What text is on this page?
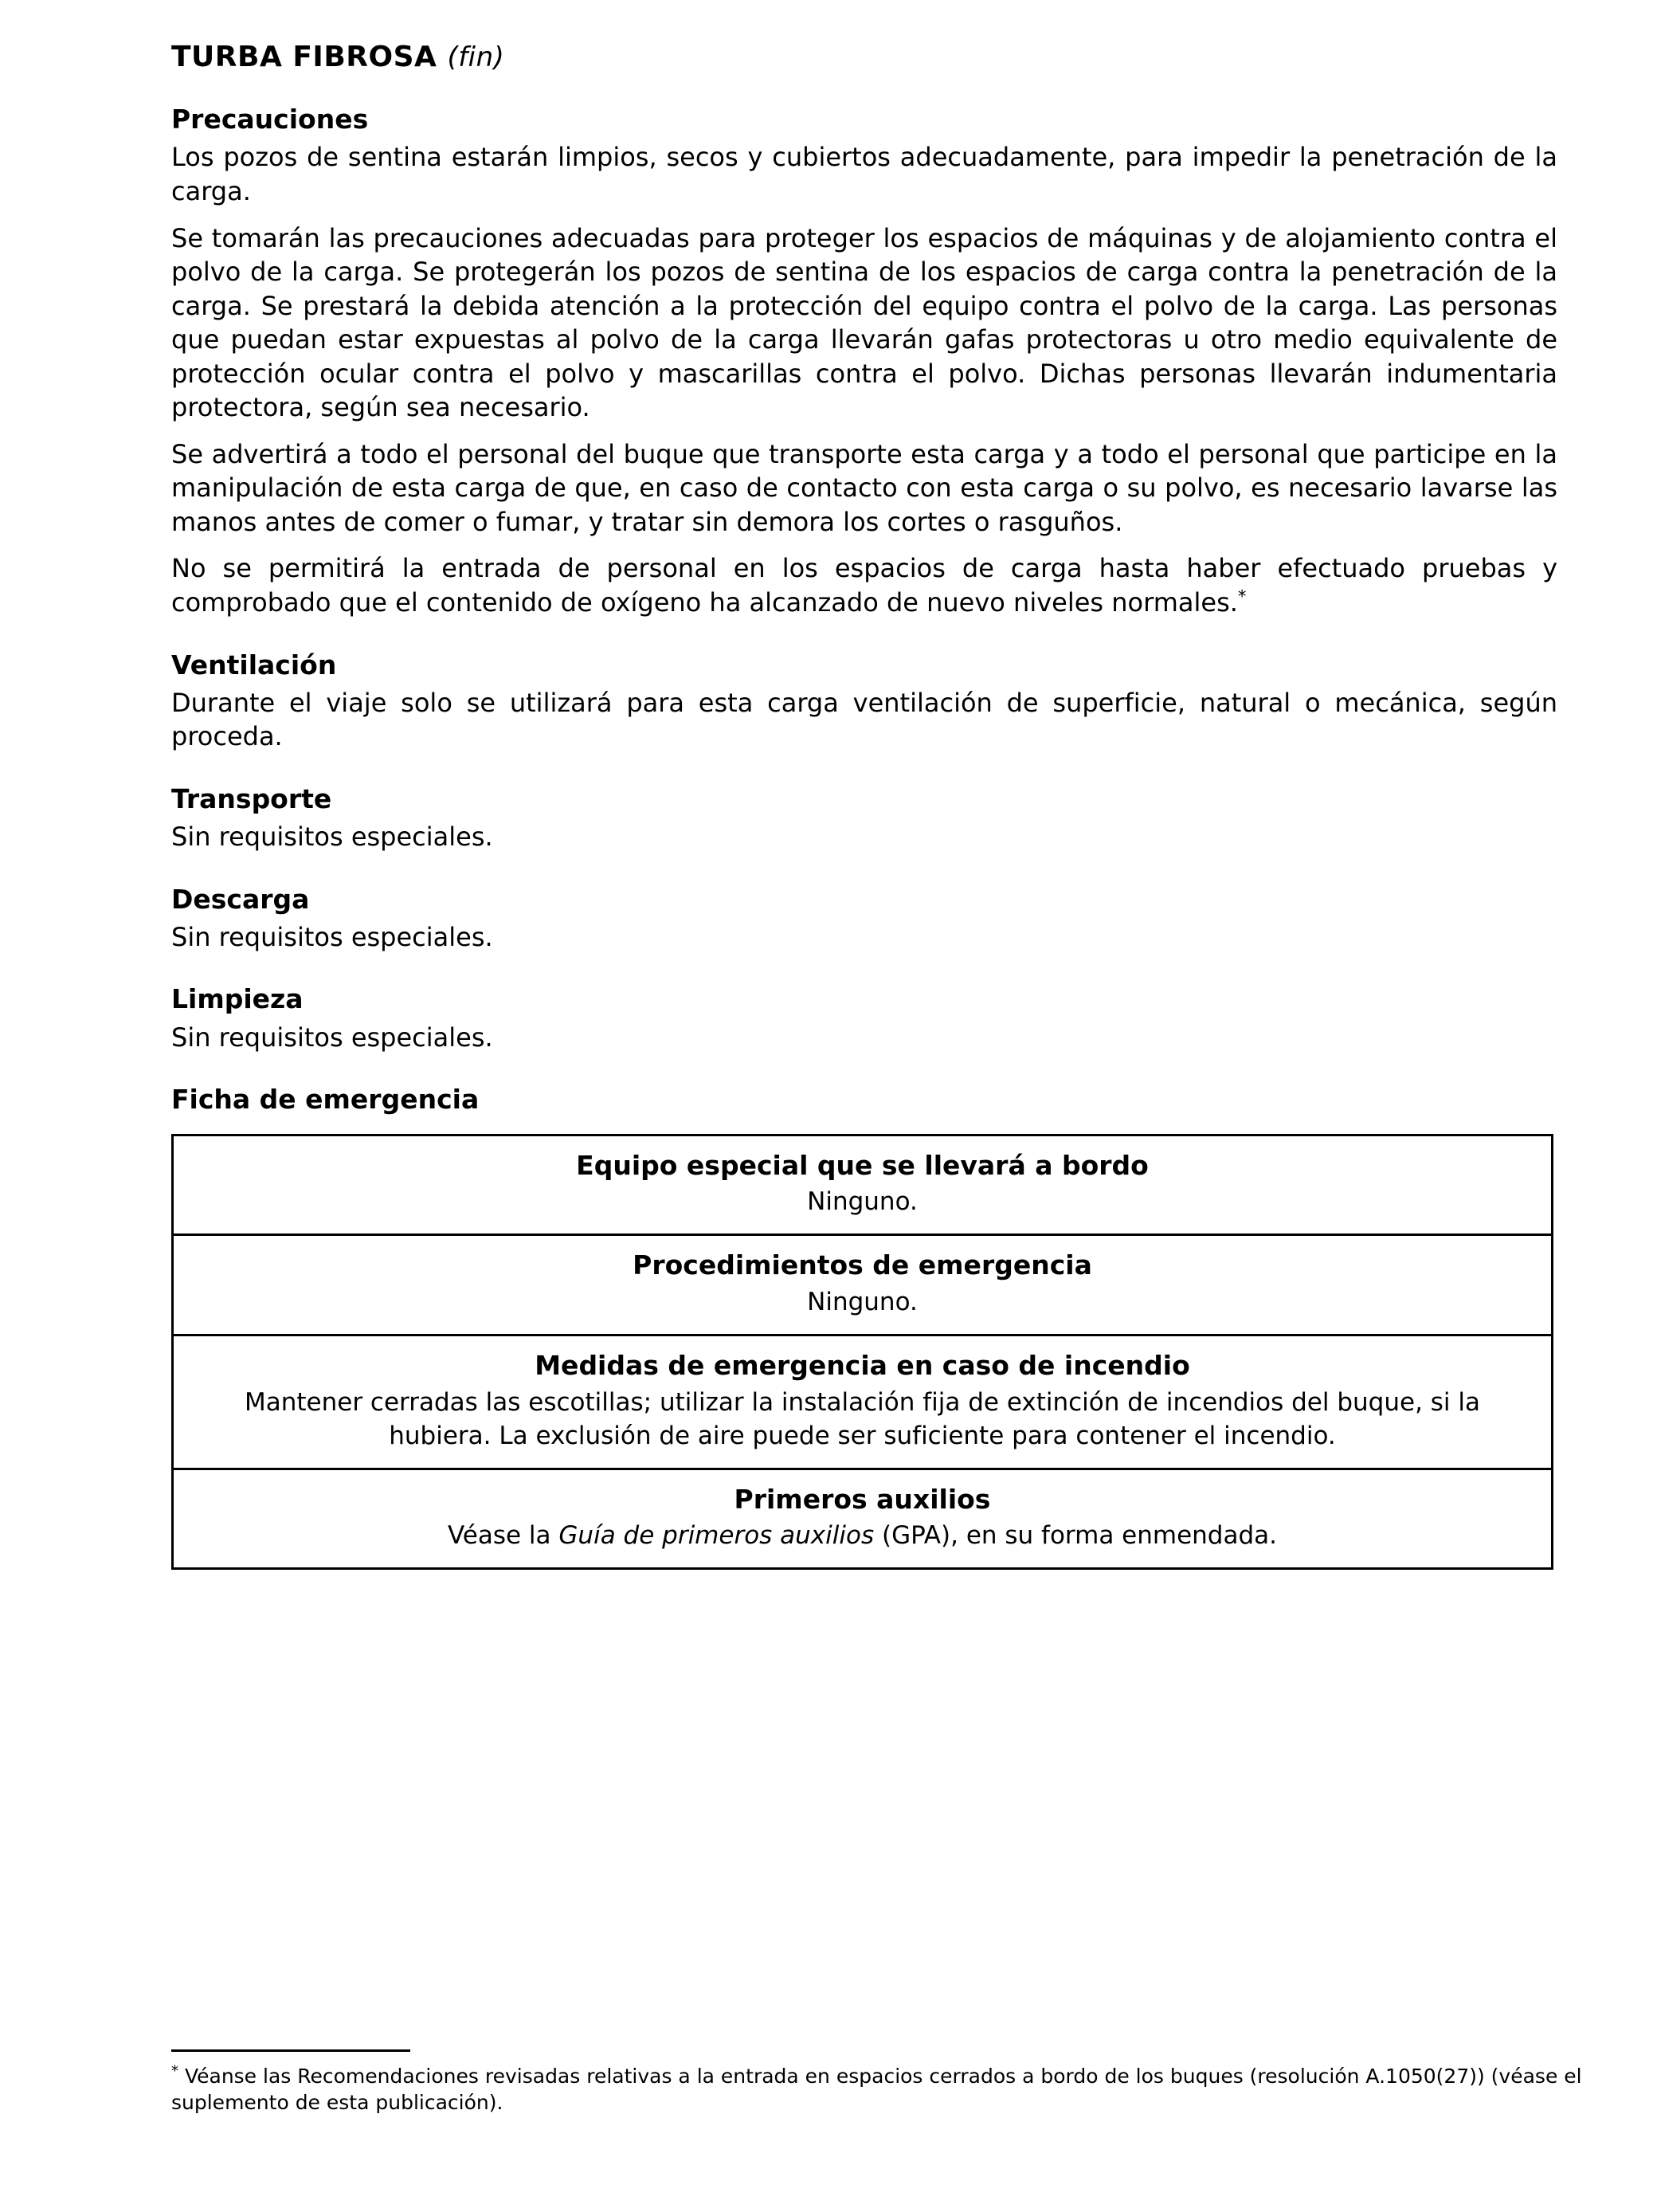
TURBA FIBROSA (fin)
Precauciones

Los pozos de sentina estarán limpios, secos y cubiertos adecuadamente, para impedir la penetración de la carga.

Se tomarán las precauciones adecuadas para proteger los espacios de máquinas y de alojamiento contra el polvo de la carga. Se protegerán los pozos de sentina de los espacios de carga contra la penetración de la carga. Se prestará la debida atención a la protección del equipo contra el polvo de la carga. Las personas que puedan estar expuestas al polvo de la carga llevarán gafas protectoras u otro medio equivalente de protección ocular contra el polvo y mascarillas contra el polvo. Dichas personas llevarán indumentaria protectora, según sea necesario.

Se advertirá a todo el personal del buque que transporte esta carga y a todo el personal que participe en la manipulación de esta carga de que, en caso de contacto con esta carga o su polvo, es necesario lavarse las manos antes de comer o fumar, y tratar sin demora los cortes o rasguños.

No se permitirá la entrada de personal en los espacios de carga hasta haber efectuado pruebas y comprobado que el contenido de oxígeno ha alcanzado de nuevo niveles normales.*

Ventilación

Durante el viaje solo se utilizará para esta carga ventilación de superficie, natural o mecánica, según proceda.

Transporte

Sin requisitos especiales.

Descarga

Sin requisitos especiales.

Limpieza

Sin requisitos especiales.

Ficha de emergencia
Equipo especial que se llevará a bordo
Ninguno.
Procedimientos de emergencia
Ninguno.
Medidas de emergencia en caso de incendio
Mantener cerradas las escotillas; utilizar la instalación fija de extinción de incendios del buque, si la hubiera. La exclusión de aire puede ser suficiente para contener el incendio.
Primeros auxilios
Véase la Guía de primeros auxilios (GPA), en su forma enmendada.
* Véanse las Recomendaciones revisadas relativas a la entrada en espacios cerrados a bordo de los buques (resolución A.1050(27)) (véase el suplemento de esta publicación).
